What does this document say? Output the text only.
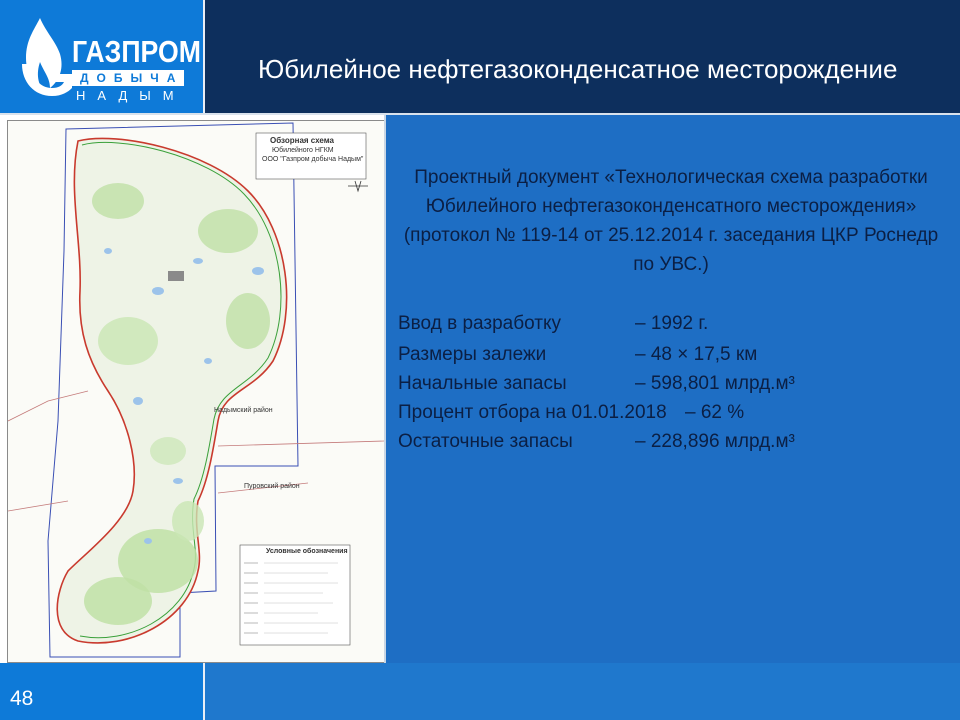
ГАЗПРОМ
ДОБЫЧА
НАДЫМ
Юбилейное нефтегазоконденсатное месторождение
Обзорная схема
Юбилейного НГКМ
ООО "Газпром добыча Надым"
Надымский район
Пуровский район
Условные обозначения
Проектный документ «Технологическая схема разработки Юбилейного нефтегазоконденсатного месторождения» (протокол № 119-14 от 25.12.2014 г. заседания ЦКР Роснедр по УВС.)
Ввод в разработку	– 1992 г.
Размеры залежи	– 48 × 17,5 км
Начальные запасы	– 598,801 млрд.м³
Процент отбора на 01.01.2018 – 62 %
Остаточные запасы	– 228,896 млрд.м³
48
